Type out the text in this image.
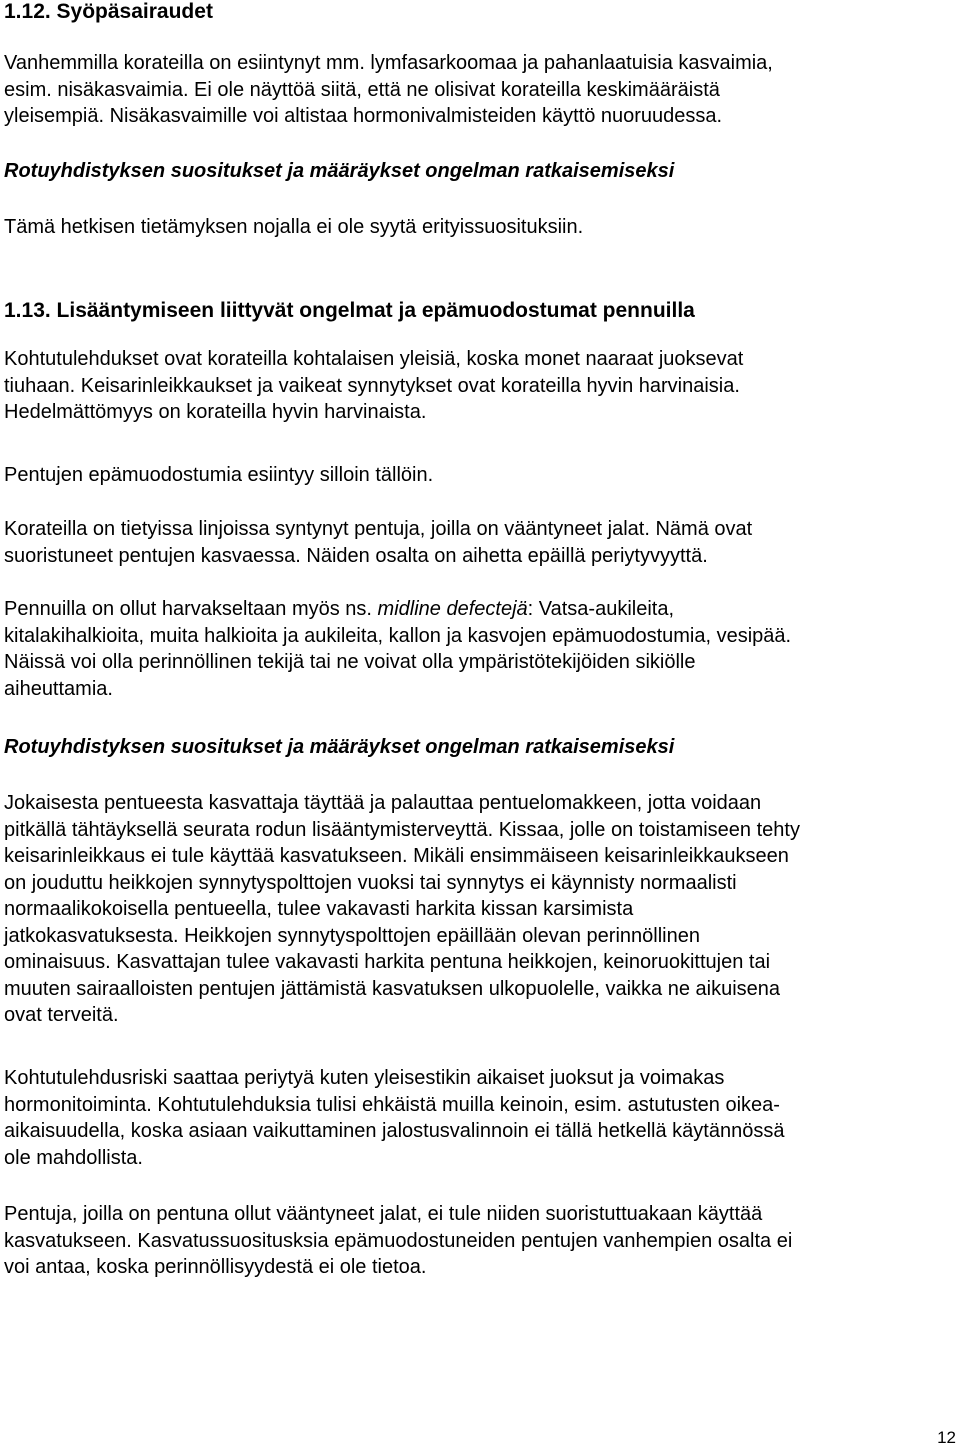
1.12. Syöpäsairaudet

Vanhemmilla korateilla on esiintynyt mm. lymfasarkoomaa ja pahanlaatuisia kasvaimia,
esim. nisäkasvaimia. Ei ole näyttöä siitä, että ne olisivat korateilla keskimääräistä
yleisempiä. Nisäkasvaimille voi altistaa hormonivalmisteiden käyttö nuoruudessa.

Rotuyhdistyksen suositukset ja määräykset ongelman ratkaisemiseksi

Tämä hetkisen tietämyksen nojalla ei ole syytä erityissuosituksiin.

1.13. Lisääntymiseen liittyvät ongelmat ja epämuodostumat pennuilla

Kohtutulehdukset ovat korateilla kohtalaisen yleisiä, koska monet naaraat juoksevat
tiuhaan. Keisarinleikkaukset ja vaikeat synnytykset ovat korateilla hyvin harvinaisia.
Hedelmättömyys on korateilla hyvin harvinaista.

Pentujen epämuodostumia esiintyy silloin tällöin.

Korateilla on tietyissa linjoissa syntynyt pentuja, joilla on vääntyneet jalat. Nämä ovat
suoristuneet pentujen kasvaessa. Näiden osalta on aihetta epäillä periytyvyyttä.

Pennuilla on ollut harvakseltaan myös ns. midline defectejä: Vatsa-aukileita,
kitalakihalkioita, muita halkioita ja aukileita, kallon ja kasvojen epämuodostumia, vesipää.
Näissä voi olla perinnöllinen tekijä tai ne voivat olla ympäristötekijöiden sikiölle
aiheuttamia.

Rotuyhdistyksen suositukset ja määräykset ongelman ratkaisemiseksi

Jokaisesta pentueesta kasvattaja täyttää ja palauttaa pentuelomakkeen, jotta voidaan
pitkällä tähtäyksellä seurata rodun lisääntymisterveyttä. Kissaa, jolle on toistamiseen tehty
keisarinleikkaus ei tule käyttää kasvatukseen. Mikäli ensimmäiseen keisarinleikkaukseen
on jouduttu heikkojen synnytyspolttojen vuoksi tai synnytys ei käynnisty normaalisti
normaalikokoisella pentueella, tulee vakavasti harkita kissan karsimista
jatkokasvatuksesta. Heikkojen synnytyspolttojen epäillään olevan perinnöllinen
ominaisuus. Kasvattajan tulee vakavasti harkita pentuna heikkojen, keinoruokittujen tai
muuten sairaalloisten pentujen jättämistä kasvatuksen ulkopuolelle, vaikka ne aikuisena
ovat terveitä.

Kohtutulehdusriski saattaa periytyä kuten yleisestikin aikaiset juoksut ja voimakas
hormonitoiminta. Kohtutulehduksia tulisi ehkäistä muilla keinoin, esim. astutusten oikea-
aikaisuudella, koska asiaan vaikuttaminen jalostusvalinnoin ei tällä hetkellä käytännössä
ole mahdollista.

Pentuja, joilla on pentuna ollut vääntyneet jalat, ei tule niiden suoristuttuakaan käyttää
kasvatukseen. Kasvatussuositusksia epämuodostuneiden pentujen vanhempien osalta ei
voi antaa, koska perinnöllisyydestä ei ole tietoa.

12
